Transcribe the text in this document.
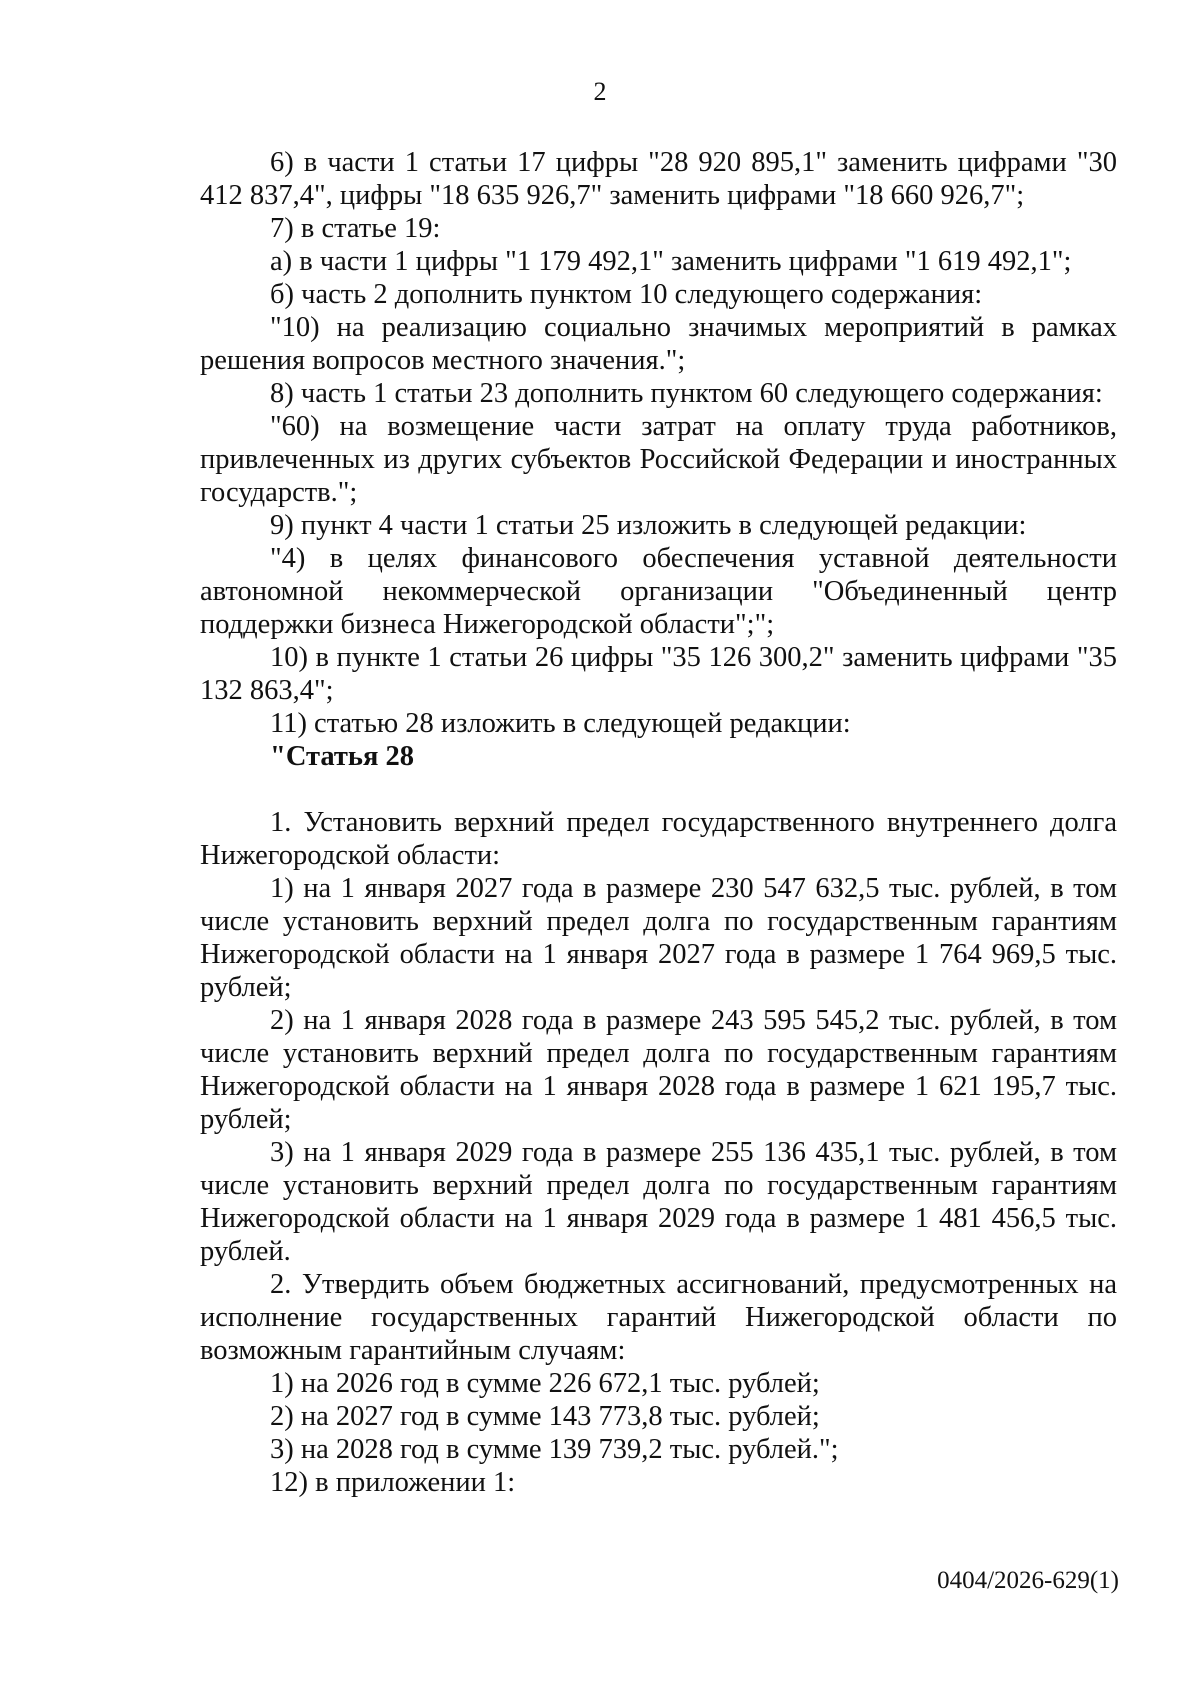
2

6) в части 1 статьи 17 цифры "28 920 895,1" заменить цифрами "30 412 837,4", цифры "18 635 926,7" заменить цифрами "18 660 926,7";

7) в статье 19:

а) в части 1 цифры "1 179 492,1" заменить цифрами "1 619 492,1";

б) часть 2 дополнить пунктом 10 следующего содержания:

"10) на реализацию социально значимых мероприятий в рамках решения вопросов местного значения.";

8) часть 1 статьи 23 дополнить пунктом 60 следующего содержания:

"60) на возмещение части затрат на оплату труда работников, привлеченных из других субъектов Российской Федерации и иностранных государств.";

9) пункт 4 части 1 статьи 25 изложить в следующей редакции:

"4) в целях финансового обеспечения уставной деятельности автономной некоммерческой организации "Объединенный центр поддержки бизнеса Нижегородской области";";

10) в пункте 1 статьи 26 цифры "35 126 300,2" заменить цифрами "35 132 863,4";

11) статью 28 изложить в следующей редакции:

"Статья 28

1. Установить верхний предел государственного внутреннего долга Нижегородской области:

1) на 1 января 2027 года в размере 230 547 632,5 тыс. рублей, в том числе установить верхний предел долга по государственным гарантиям Нижегородской области на 1 января 2027 года в размере 1 764 969,5 тыс. рублей;

2) на 1 января 2028 года в размере 243 595 545,2 тыс. рублей, в том числе установить верхний предел долга по государственным гарантиям Нижегородской области на 1 января 2028 года в размере 1 621 195,7 тыс. рублей;

3) на 1 января 2029 года в размере 255 136 435,1 тыс. рублей, в том числе установить верхний предел долга по государственным гарантиям Нижегородской области на 1 января 2029 года в размере 1 481 456,5 тыс. рублей.

2. Утвердить объем бюджетных ассигнований, предусмотренных на исполнение государственных гарантий Нижегородской области по возможным гарантийным случаям:

1) на 2026 год в сумме 226 672,1 тыс. рублей;

2) на 2027 год в сумме 143 773,8 тыс. рублей;

3) на 2028 год в сумме 139 739,2 тыс. рублей.";

12) в приложении 1:

0404/2026-629(1)
